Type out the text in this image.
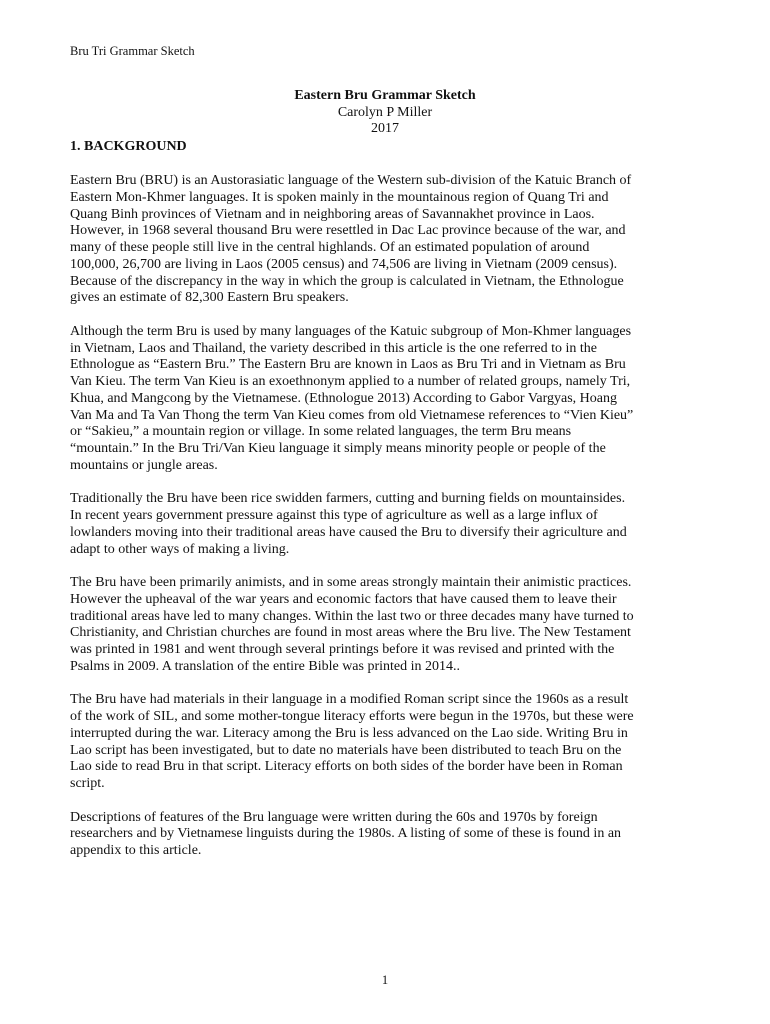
Bru Tri Grammar Sketch
Eastern Bru Grammar Sketch
Carolyn P Miller
2017
1. BACKGROUND

Eastern Bru (BRU) is an Austorasiatic language of the Western sub-division of the Katuic Branch of
Eastern Mon-Khmer languages. It is spoken mainly in the mountainous region of Quang Tri and
Quang Binh provinces of Vietnam and in neighboring areas of Savannakhet province in Laos.
However, in 1968 several thousand Bru were resettled in Dac Lac province because of the war, and
many of these people still live in the central highlands. Of an estimated population of around
100,000, 26,700 are living in Laos (2005 census) and 74,506 are living in Vietnam (2009 census).
Because of the discrepancy in the way in which the group is calculated in Vietnam, the Ethnologue
gives an estimate of 82,300 Eastern Bru speakers.

Although the term Bru is used by many languages of the Katuic subgroup of Mon-Khmer languages
in Vietnam, Laos and Thailand, the variety described in this article is the one referred to in the
Ethnologue as “Eastern Bru.” The Eastern Bru are known in Laos as Bru Tri and in Vietnam as Bru
Van Kieu. The term Van Kieu is an exoethnonym applied to a number of related groups, namely Tri,
Khua, and Mangcong by the Vietnamese. (Ethnologue 2013) According to Gabor Vargyas, Hoang
Van Ma and Ta Van Thong the term Van Kieu comes from old Vietnamese references to “Vien Kieu”
or “Sakieu,” a mountain region or village. In some related languages, the term Bru means
“mountain.” In the Bru Tri/Van Kieu language it simply means minority people or people of the
mountains or jungle areas.

Traditionally the Bru have been rice swidden farmers, cutting and burning fields on mountainsides.
In recent years government pressure against this type of agriculture as well as a large influx of
lowlanders moving into their traditional areas have caused the Bru to diversify their agriculture and
adapt to other ways of making a living.

The Bru have been primarily animists, and in some areas strongly maintain their animistic practices.
However the upheaval of the war years and economic factors that have caused them to leave their
traditional areas have led to many changes. Within the last two or three decades many have turned to
Christianity, and Christian churches are found in most areas where the Bru live. The New Testament
was printed in 1981 and went through several printings before it was revised and printed with the
Psalms in 2009. A translation of the entire Bible was printed in 2014..

The Bru have had materials in their language in a modified Roman script since the 1960s as a result
of the work of SIL, and some mother-tongue literacy efforts were begun in the 1970s, but these were
interrupted during the war. Literacy among the Bru is less advanced on the Lao side. Writing Bru in
Lao script has been investigated, but to date no materials have been distributed to teach Bru on the
Lao side to read Bru in that script. Literacy efforts on both sides of the border have been in Roman
script.

Descriptions of features of the Bru language were written during the 60s and 1970s by foreign
researchers and by Vietnamese linguists during the 1980s. A listing of some of these is found in an
appendix to this article.

1
